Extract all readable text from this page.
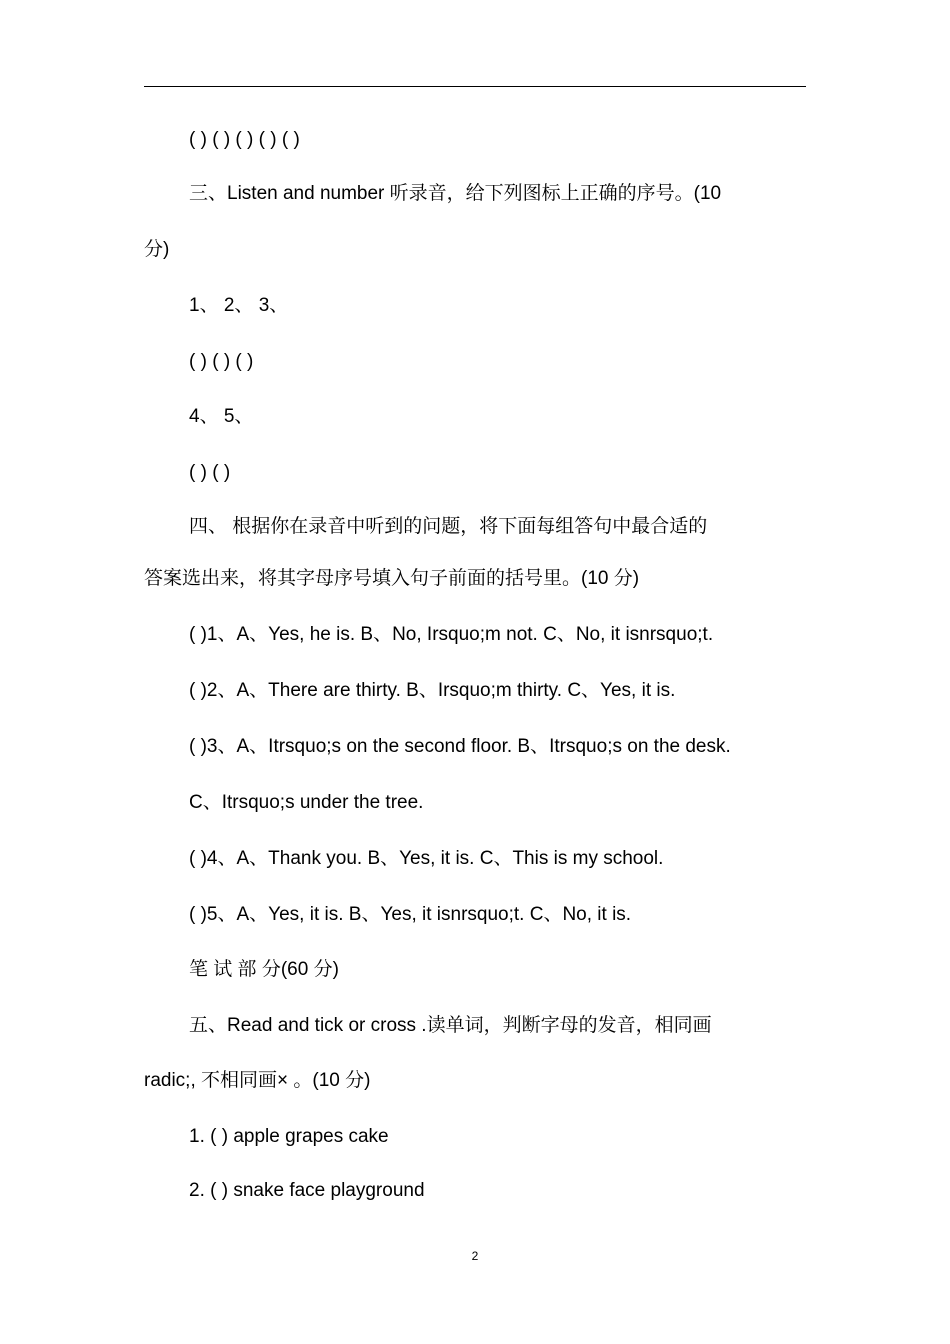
( ) ( ) ( ) ( ) ( )

三、Listen and number 听录音，给下列图标上正确的序号。(10

分)

1、 2、 3、

( ) ( ) ( )

4、 5、

( ) ( )

四、 根据你在录音中听到的问题，将下面每组答句中最合适的

答案选出来，将其字母序号填入句子前面的括号里。(10 分)

( )1、A、Yes, he is. B、No, Irsquo;m not. C、No, it isnrsquo;t.

( )2、A、There are thirty. B、Irsquo;m thirty. C、Yes, it is.

( )3、A、Itrsquo;s on the second floor. B、Itrsquo;s on the desk.

C、Itrsquo;s under the tree.

( )4、A、Thank you. B、Yes, it is. C、This is my school.

( )5、A、Yes, it is. B、Yes, it isnrsquo;t. C、No, it is.

笔 试 部 分(60 分)

五、Read and tick or cross .读单词，判断字母的发音，相同画

radic;, 不相同画× 。(10 分)

1. ( ) apple grapes cake

2. ( ) snake face playground

2
